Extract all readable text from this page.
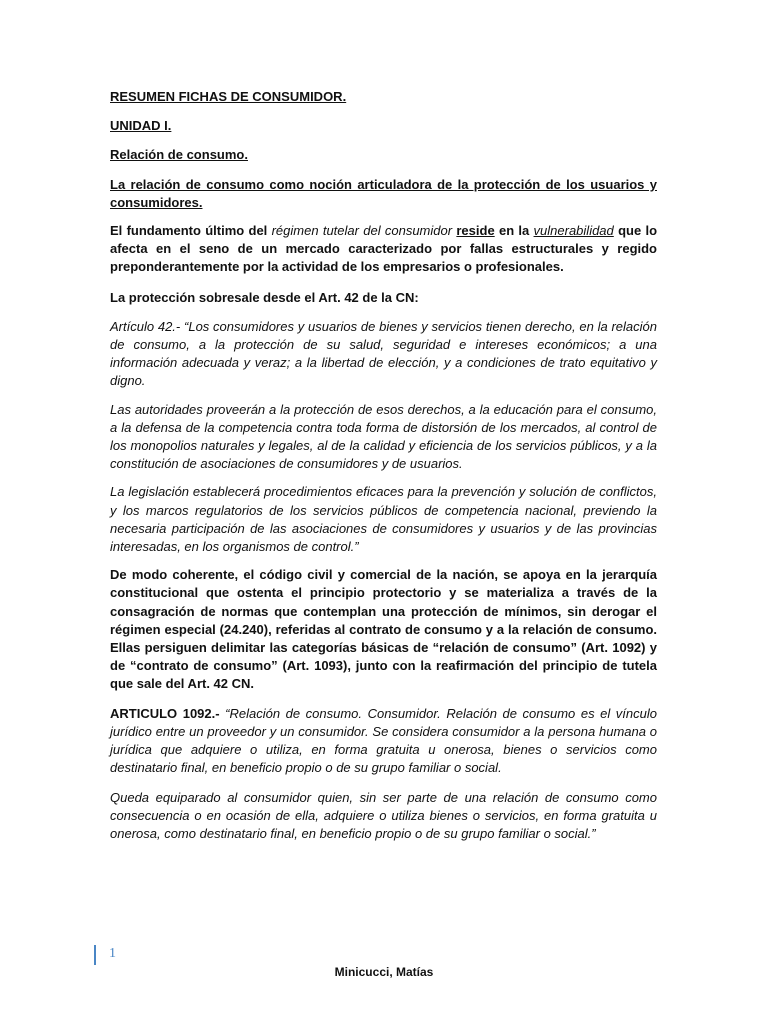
RESUMEN FICHAS DE CONSUMIDOR.

UNIDAD I.

Relación de consumo.

La relación de consumo como noción articuladora de la protección de los usuarios y consumidores.

El fundamento último del régimen tutelar del consumidor reside en la vulnerabilidad que lo afecta en el seno de un mercado caracterizado por fallas estructurales y regido preponderantemente por la actividad de los empresarios o profesionales.

La protección sobresale desde el Art. 42 de la CN:

Artículo 42.- “Los consumidores y usuarios de bienes y servicios tienen derecho, en la relación de consumo, a la protección de su salud, seguridad e intereses económicos; a una información adecuada y veraz; a la libertad de elección, y a condiciones de trato equitativo y digno.

Las autoridades proveerán a la protección de esos derechos, a la educación para el consumo, a la defensa de la competencia contra toda forma de distorsión de los mercados, al control de los monopolios naturales y legales, al de la calidad y eficiencia de los servicios públicos, y a la constitución de asociaciones de consumidores y de usuarios.

La legislación establecerá procedimientos eficaces para la prevención y solución de conflictos, y los marcos regulatorios de los servicios públicos de competencia nacional, previendo la necesaria participación de las asociaciones de consumidores y usuarios y de las provincias interesadas, en los organismos de control.”

De modo coherente, el código civil y comercial de la nación, se apoya en la jerarquía constitucional que ostenta el principio protectorio y se materializa a través de la consagración de normas que contemplan una protección de mínimos, sin derogar el régimen especial (24.240), referidas al contrato de consumo y a la relación de consumo. Ellas persiguen delimitar las categorías básicas de “relación de consumo” (Art. 1092) y de “contrato de consumo” (Art. 1093), junto con la reafirmación del principio de tutela que sale del Art. 42 CN.

ARTICULO 1092.- “Relación de consumo. Consumidor. Relación de consumo es el vínculo jurídico entre un proveedor y un consumidor. Se considera consumidor a la persona humana o jurídica que adquiere o utiliza, en forma gratuita u onerosa, bienes o servicios como destinatario final, en beneficio propio o de su grupo familiar o social.

Queda equiparado al consumidor quien, sin ser parte de una relación de consumo como consecuencia o en ocasión de ella, adquiere o utiliza bienes o servicios, en forma gratuita u onerosa, como destinatario final, en beneficio propio o de su grupo familiar o social.”

1
Minicucci, Matías
